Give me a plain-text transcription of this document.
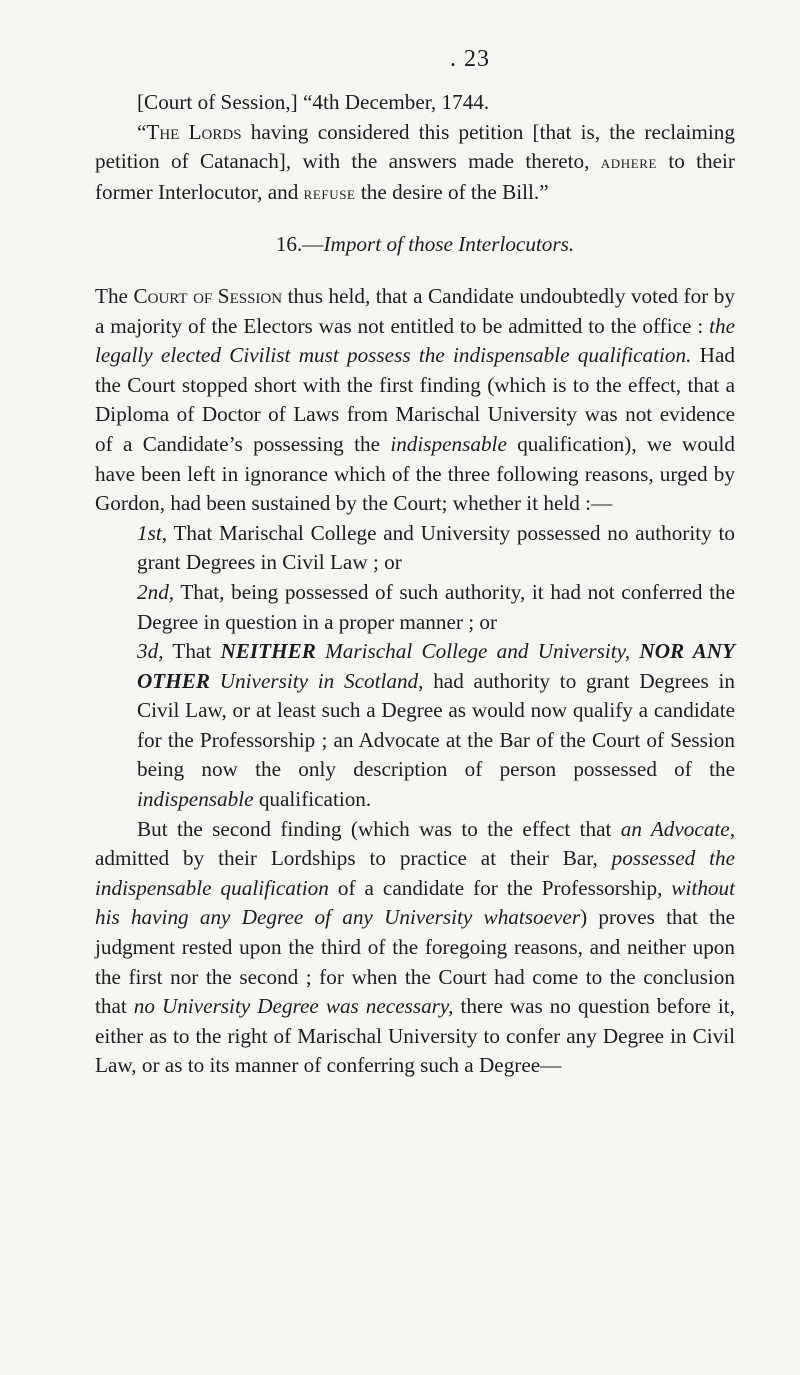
. 23

[Court of Session,] “4th December, 1744.

“The Lords having considered this petition [that is, the reclaiming petition of Catanach], with the answers made thereto, adhere to their former Interlocutor, and refuse the desire of the Bill.”

16.—Import of those Interlocutors.

The Court of Session thus held, that a Candidate undoubtedly voted for by a majority of the Electors was not entitled to be admitted to the office : the legally elected Civilist must possess the indispensable qualification. Had the Court stopped short with the first finding (which is to the effect, that a Diploma of Doctor of Laws from Marischal University was not evidence of a Candidate’s possessing the indispensable qualification), we would have been left in ignorance which of the three following reasons, urged by Gordon, had been sustained by the Court; whether it held :—

1st, That Marischal College and University possessed no authority to grant Degrees in Civil Law ; or

2nd, That, being possessed of such authority, it had not conferred the Degree in question in a proper manner ; or

3d, That NEITHER Marischal College and University, NOR ANY OTHER University in Scotland, had authority to grant Degrees in Civil Law, or at least such a Degree as would now qualify a candidate for the Professorship ; an Advocate at the Bar of the Court of Session being now the only description of person possessed of the indispensable qualification.

But the second finding (which was to the effect that an Advocate, admitted by their Lordships to practice at their Bar, possessed the indispensable qualification of a candidate for the Professorship, without his having any Degree of any University whatsoever) proves that the judgment rested upon the third of the foregoing reasons, and neither upon the first nor the second ; for when the Court had come to the conclusion that no University Degree was necessary, there was no question before it, either as to the right of Marischal University to confer any Degree in Civil Law, or as to its manner of conferring such a Degree—
